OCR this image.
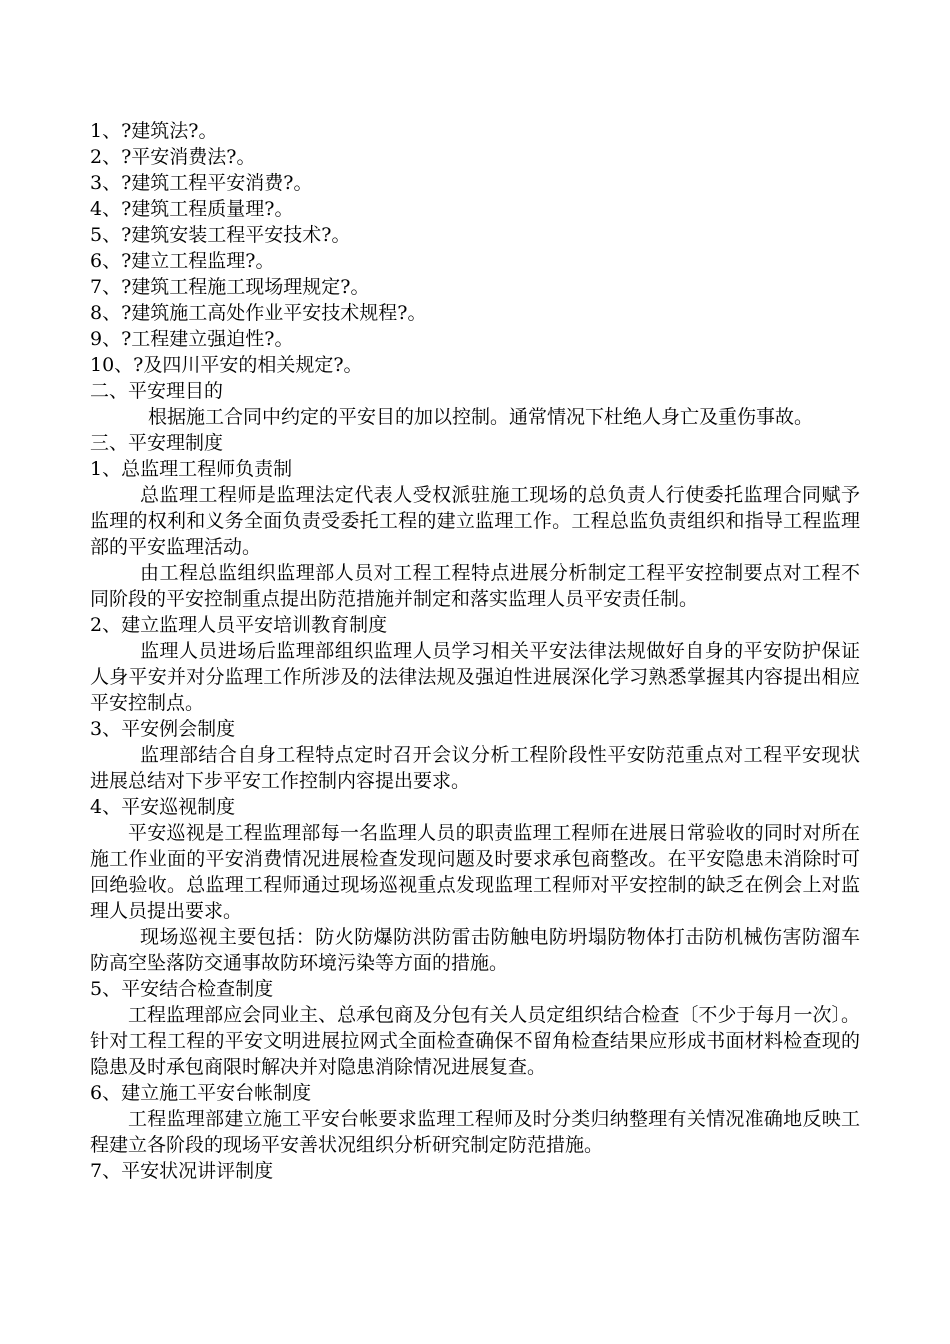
1、?建筑法?。
2、?平安消费法?。
3、?建筑工程平安消费?。
4、?建筑工程质量理?。
5、?建筑安装工程平安技术?。
6、?建立工程监理?。
7、?建筑工程施工现场理规定?。
8、?建筑施工高处作业平安技术规程?。
9、?工程建立强迫性?。
10、?及四川平安的相关规定?。
二、平安理目的
根据施工合同中约定的平安目的加以控制。通常情况下杜绝人身亡及重伤事故。
三、平安理制度
1、总监理工程师负责制
总监理工程师是监理法定代表人受权派驻施工现场的总负责人行使委托监理合同赋予监理的权利和义务全面负责受委托工程的建立监理工作。工程总监负责组织和指导工程监理部的平安监理活动。
由工程总监组织监理部人员对工程工程特点进展分析制定工程平安控制要点对工程不同阶段的平安控制重点提出防范措施并制定和落实监理人员平安责任制。
2、建立监理人员平安培训教育制度
监理人员进场后监理部组织监理人员学习相关平安法律法规做好自身的平安防护保证人身平安并对分监理工作所涉及的法律法规及强迫性进展深化学习熟悉掌握其内容提出相应平安控制点。
3、平安例会制度
监理部结合自身工程特点定时召开会议分析工程阶段性平安防范重点对工程平安现状进展总结对下步平安工作控制内容提出要求。
4、平安巡视制度
平安巡视是工程监理部每一名监理人员的职责监理工程师在进展日常验收的同时对所在施工作业面的平安消费情况进展检查发现问题及时要求承包商整改。在平安隐患未消除时可回绝验收。总监理工程师通过现场巡视重点发现监理工程师对平安控制的缺乏在例会上对监理人员提出要求。
现场巡视主要包括：防火防爆防洪防雷击防触电防坍塌防物体打击防机械伤害防溜车防高空坠落防交通事故防环境污染等方面的措施。
5、平安结合检查制度
工程监理部应会同业主、总承包商及分包有关人员定组织结合检查〔不少于每月一次〕。针对工程工程的平安文明进展拉网式全面检查确保不留角检查结果应形成书面材料检查现的隐患及时承包商限时解决并对隐患消除情况进展复查。
6、建立施工平安台帐制度
工程监理部建立施工平安台帐要求监理工程师及时分类归纳整理有关情况准确地反映工程建立各阶段的现场平安善状况组织分析研究制定防范措施。
7、平安状况讲评制度
